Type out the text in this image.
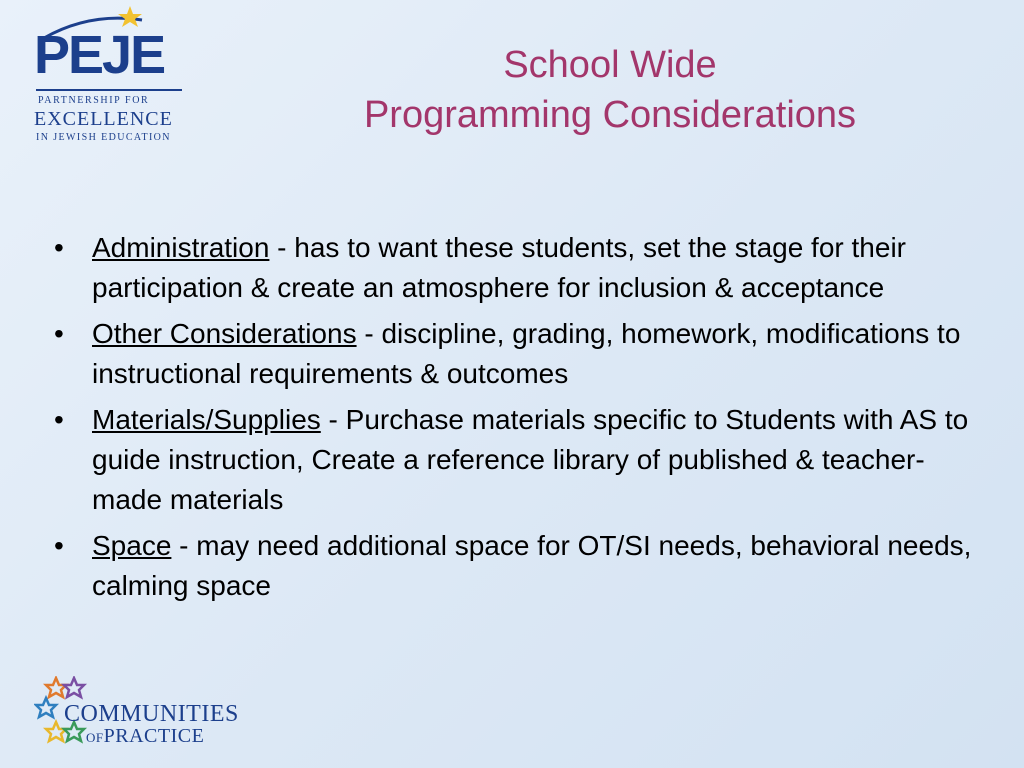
PEJE
PARTNERSHIP FOR
EXCELLENCE
IN JEWISH EDUCATION
School Wide
Programming Considerations
• Administration - has to want these students, set the stage for their participation & create an atmosphere for inclusion & acceptance
• Other Considerations - discipline, grading, homework, modifications to instructional requirements & outcomes
• Materials/Supplies - Purchase materials specific to Students with AS to guide instruction, Create a reference library of published & teacher-made materials
• Space - may need additional space for OT/SI needs, behavioral needs, calming space
COMMUNITIES
OFPRACTICE
